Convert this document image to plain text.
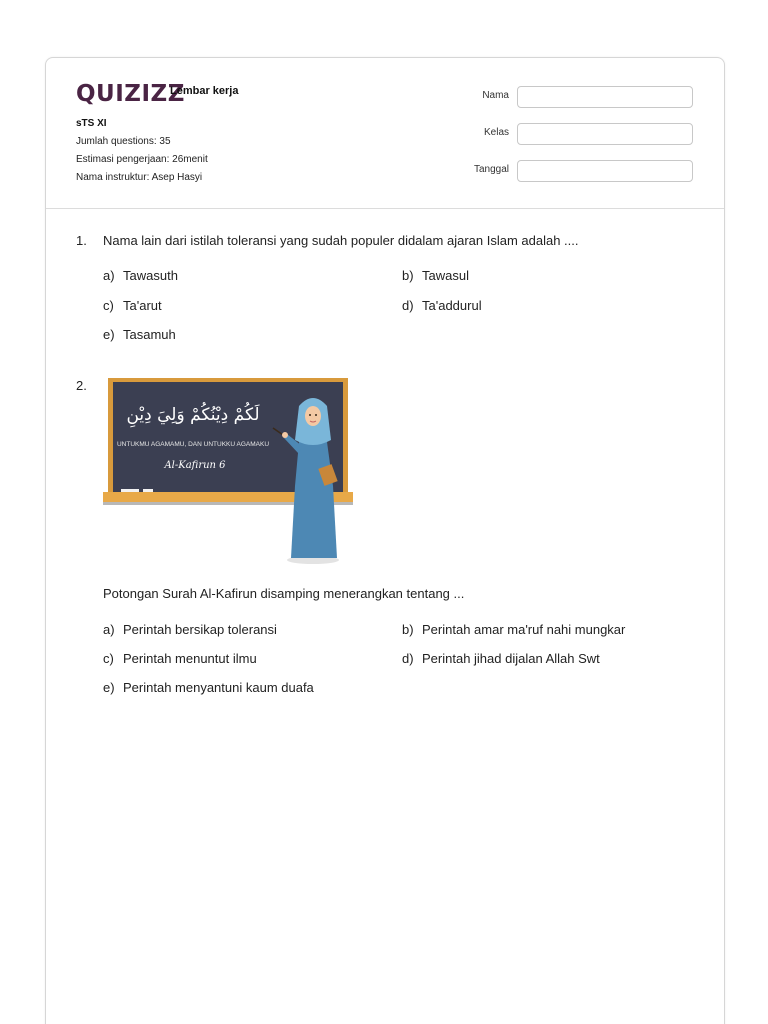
QUIZIZZ
Lembar kerja
sTS XI
Jumlah questions: 35
Estimasi pengerjaan: 26menit
Nama instruktur: Asep Hasyi
Nama
Kelas
Tanggal
1. Nama lain dari istilah toleransi yang sudah populer didalam ajaran Islam adalah ....
a) Tawasuth	b) Tawasul
c) Ta'arut	d) Ta'addurul
e) Tasamuh
2.
لَكُمْ دِيْنُكُمْ وَلِيَ دِيْنِ
UNTUKMU AGAMAMU, DAN UNTUKKU AGAMAKU
Al-Kafirun 6
Potongan Surah Al-Kafirun disamping menerangkan tentang ...
a) Perintah bersikap toleransi	b) Perintah amar ma'ruf nahi mungkar
c) Perintah menuntut ilmu	d) Perintah jihad dijalan Allah Swt
e) Perintah menyantuni kaum duafa
